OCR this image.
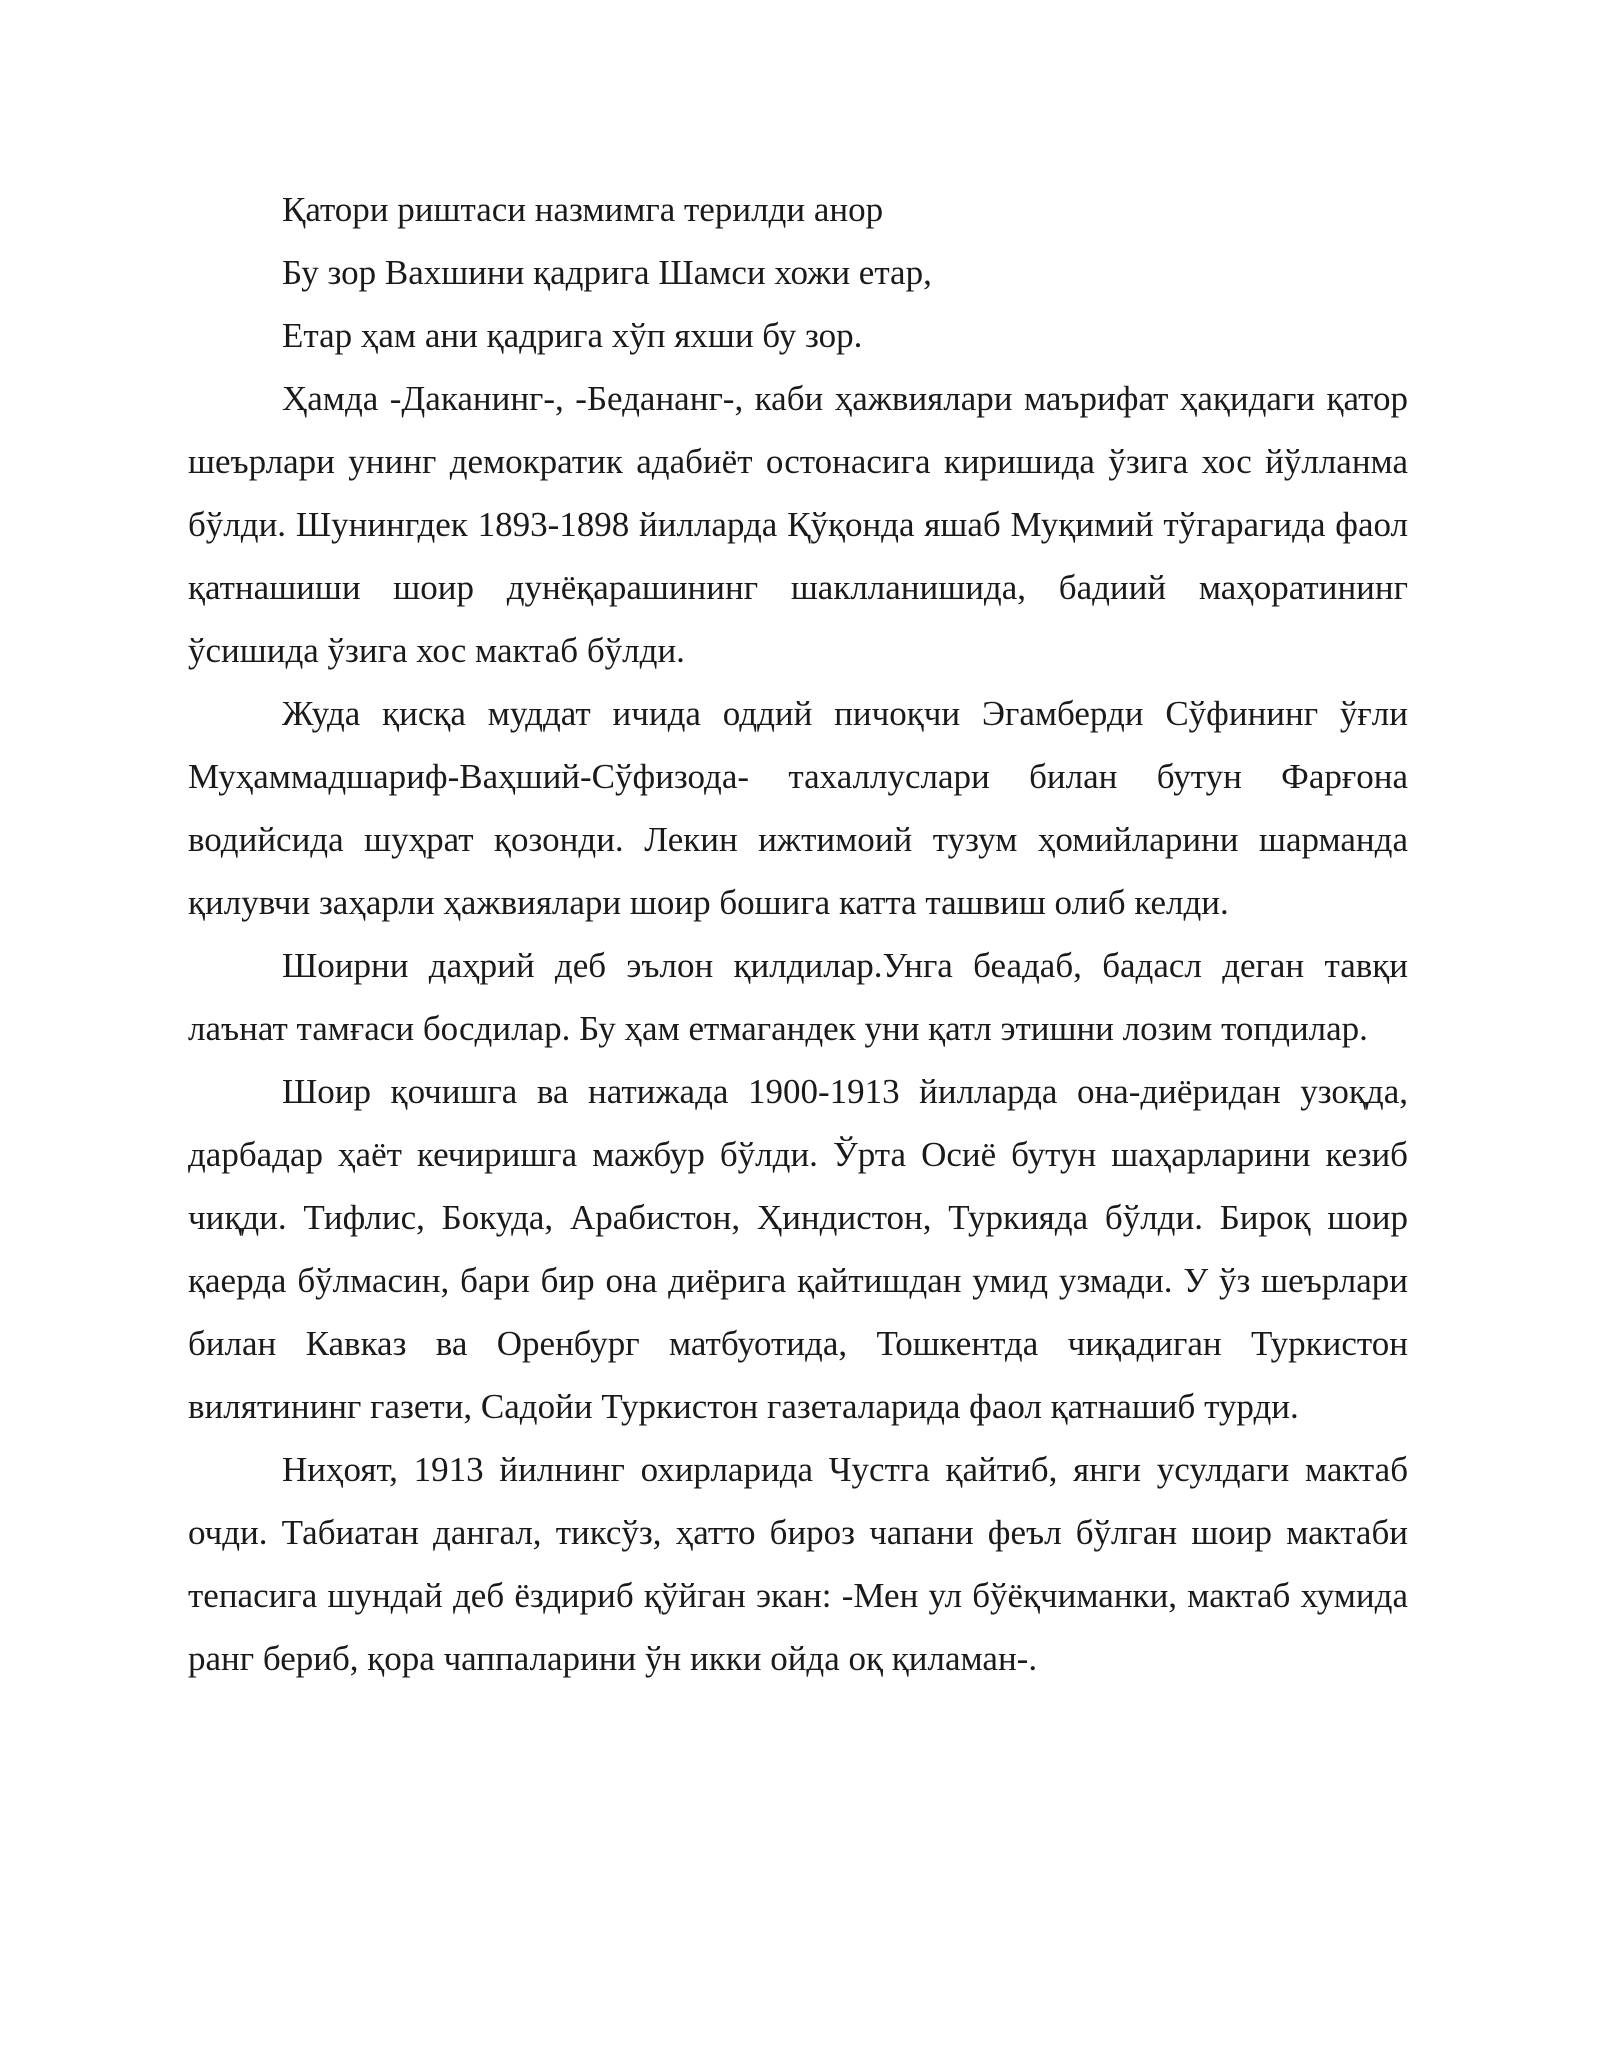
Қатори риштаси назмимга терилди анор

Бу зор Вахшини қадрига Шамси хожи етар,

Етар ҳам ани қадрига хўп яхши бу зор.

Ҳамда -Даканинг-, -Бедананг-, каби ҳажвиялари маърифат ҳақидаги қатор шеърлари унинг демократик адабиёт остонасига киришида ўзига хос йўлланма бўлди. Шунингдек 1893-1898 йилларда Қўқонда яшаб Муқимий тўгарагида фаол қатнашиши шоир дунёқарашининг шаклланишида, бадиий маҳоратининг ўсишида ўзига хос мактаб бўлди.

Жуда қисқа муддат ичида оддий пичоқчи Эгамберди Сўфининг ўғли Муҳаммадшариф-Ваҳший-Сўфизода- тахаллуслари билан бутун Фарғона водийсида шуҳрат қозонди. Лекин ижтимоий тузум ҳомийларини шарманда қилувчи заҳарли ҳажвиялари шоир бошига катта ташвиш олиб келди.

Шоирни даҳрий деб эълон қилдилар.Унга беадаб, бадасл деган тавқи лаънат тамғаси босдилар. Бу ҳам етмагандек уни қатл этишни лозим топдилар.

Шоир қочишга ва натижада 1900-1913 йилларда она-диёридан узоқда, дарбадар ҳаёт кечиришга мажбур бўлди. Ўрта Осиё бутун шаҳарларини кезиб чиқди. Тифлис, Бокуда, Арабистон, Ҳиндистон, Туркияда бўлди. Бироқ шоир қаерда бўлмасин, бари бир она диёрига қайтишдан умид узмади. У ўз шеърлари билан Кавказ ва Оренбург матбуотида, Тошкентда чиқадиган Туркистон вилятининг газети, Садойи Туркистон газеталарида фаол қатнашиб турди.

Ниҳоят, 1913 йилнинг охирларида Чустга қайтиб, янги усулдаги мактаб очди. Табиатан дангал, тиксўз, ҳатто бироз чапани феъл бўлган шоир мактаби тепасига шундай деб ёздириб қўйган экан: -Мен ул бўёқчиманки, мактаб хумида ранг бериб, қора чаппаларини ўн икки ойда оқ қиламан-.
